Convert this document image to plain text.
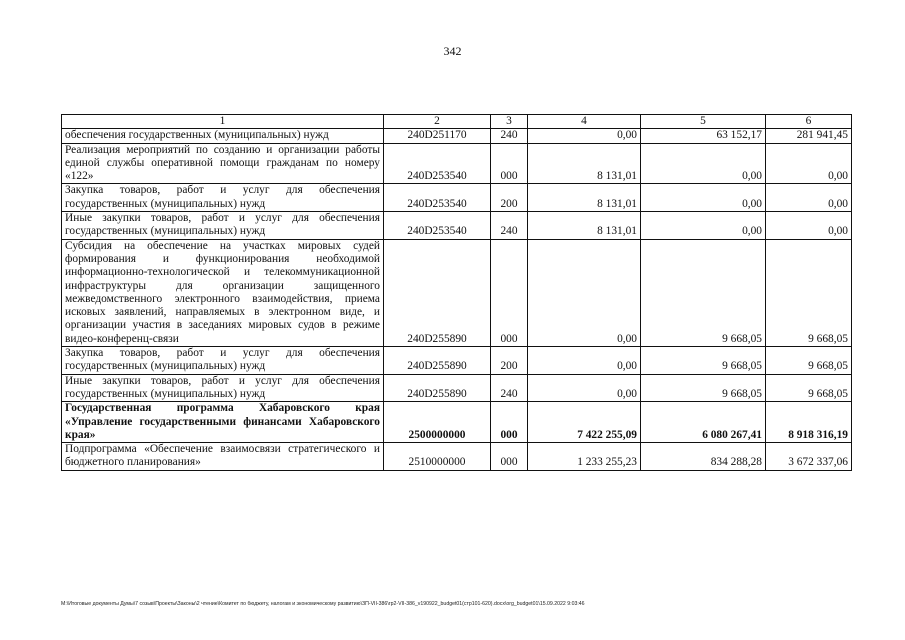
342
1	2	3	4	5	6
обеспечения государственных (муниципальных) нужд	240D251170	240	0,00	63 152,17	281 941,45
Реализация мероприятий по созданию и организации работы единой службы оперативной помощи гражданам по номеру «122»	240D253540	000	8 131,01	0,00	0,00
Закупка товаров, работ и услуг для обеспечения государственных (муниципальных) нужд	240D253540	200	8 131,01	0,00	0,00
Иные закупки товаров, работ и услуг для обеспечения государственных (муниципальных) нужд	240D253540	240	8 131,01	0,00	0,00
Субсидия на обеспечение на участках мировых судей формирования и функционирования необходимой информационно-технологической и телекоммуникационной инфраструктуры для организации защищенного межведомственного электронного взаимодействия, приема исковых заявлений, направляемых в электронном виде, и организации участия в заседаниях мировых судов в режиме видео-конференц-связи	240D255890	000	0,00	9 668,05	9 668,05
Закупка товаров, работ и услуг для обеспечения государственных (муниципальных) нужд	240D255890	200	0,00	9 668,05	9 668,05
Иные закупки товаров, работ и услуг для обеспечения государственных (муниципальных) нужд	240D255890	240	0,00	9 668,05	9 668,05
Государственная программа Хабаровского края «Управление государственными финансами Хабаровского края»	2500000000	000	7 422 255,09	6 080 267,41	8 918 316,19
Подпрограмма «Обеспечение взаимосвязи стратегического и бюджетного планирования»	2510000000	000	1 233 255,23	834 288,28	3 672 337,06
M:\Итоговые документы Думы\7 созыв\Проекты\Законы\2 чтение\Комитет по бюджету, налогам и экономическому развитию\ЗП-VII-386\гр2-VII-386_v190922_budget01(стр101-620).docx\org_budget01\15.09.2022 9:03:46
